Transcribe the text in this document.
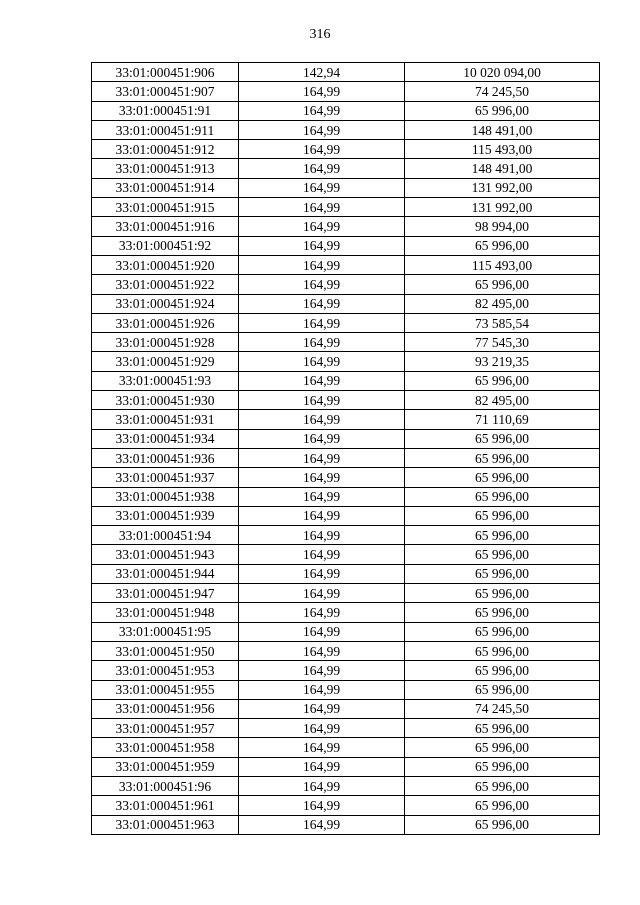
316
33:01:000451:906	142,94	10 020 094,00
33:01:000451:907	164,99	74 245,50
33:01:000451:91	164,99	65 996,00
33:01:000451:911	164,99	148 491,00
33:01:000451:912	164,99	115 493,00
33:01:000451:913	164,99	148 491,00
33:01:000451:914	164,99	131 992,00
33:01:000451:915	164,99	131 992,00
33:01:000451:916	164,99	98 994,00
33:01:000451:92	164,99	65 996,00
33:01:000451:920	164,99	115 493,00
33:01:000451:922	164,99	65 996,00
33:01:000451:924	164,99	82 495,00
33:01:000451:926	164,99	73 585,54
33:01:000451:928	164,99	77 545,30
33:01:000451:929	164,99	93 219,35
33:01:000451:93	164,99	65 996,00
33:01:000451:930	164,99	82 495,00
33:01:000451:931	164,99	71 110,69
33:01:000451:934	164,99	65 996,00
33:01:000451:936	164,99	65 996,00
33:01:000451:937	164,99	65 996,00
33:01:000451:938	164,99	65 996,00
33:01:000451:939	164,99	65 996,00
33:01:000451:94	164,99	65 996,00
33:01:000451:943	164,99	65 996,00
33:01:000451:944	164,99	65 996,00
33:01:000451:947	164,99	65 996,00
33:01:000451:948	164,99	65 996,00
33:01:000451:95	164,99	65 996,00
33:01:000451:950	164,99	65 996,00
33:01:000451:953	164,99	65 996,00
33:01:000451:955	164,99	65 996,00
33:01:000451:956	164,99	74 245,50
33:01:000451:957	164,99	65 996,00
33:01:000451:958	164,99	65 996,00
33:01:000451:959	164,99	65 996,00
33:01:000451:96	164,99	65 996,00
33:01:000451:961	164,99	65 996,00
33:01:000451:963	164,99	65 996,00
